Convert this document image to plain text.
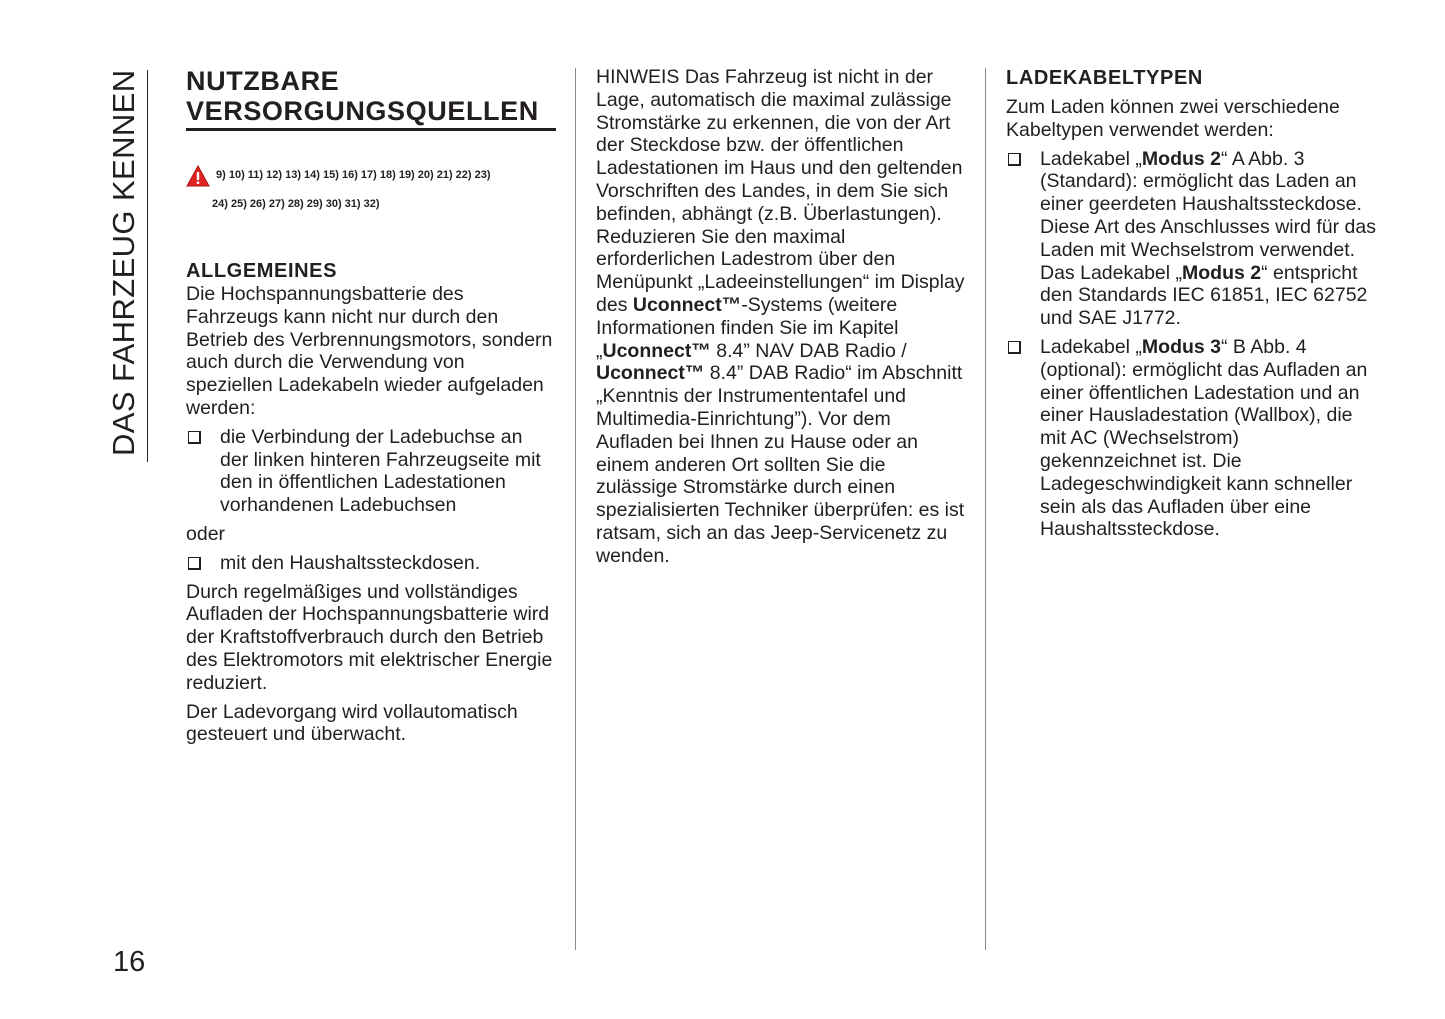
DAS FAHRZEUG KENNEN
16
NUTZBARE
VERSORGUNGSQUELLEN
9) 10) 11) 12) 13) 14) 15) 16) 17) 18) 19) 20) 21) 22) 23)
24) 25) 26) 27) 28) 29) 30) 31) 32)
ALLGEMEINES

Die Hochspannungsbatterie des Fahrzeugs kann nicht nur durch den Betrieb des Verbrennungsmotors, sondern auch durch die Verwendung von speziellen Ladekabeln wieder aufgeladen werden:

die Verbindung der Ladebuchse an der linken hinteren Fahrzeugseite mit den in öffentlichen Ladestationen vorhandenen Ladebuchsen

oder

mit den Haushaltssteckdosen.

Durch regelmäßiges und vollständiges Aufladen der Hochspannungsbatterie wird der Kraftstoffverbrauch durch den Betrieb des Elektromotors mit elektrischer Energie reduziert.

Der Ladevorgang wird vollautomatisch gesteuert und überwacht.

HINWEIS Das Fahrzeug ist nicht in der Lage, automatisch die maximal zulässige Stromstärke zu erkennen, die von der Art der Steckdose bzw. der öffentlichen Ladestationen im Haus und den geltenden Vorschriften des Landes, in dem Sie sich befinden, abhängt (z.B. Überlastungen). Reduzieren Sie den maximal erforderlichen Ladestrom über den Menüpunkt „Ladeeinstellungen“ im Display des Uconnect™-Systems (weitere Informationen finden Sie im Kapitel „Uconnect™ 8.4” NAV DAB Radio / Uconnect™ 8.4” DAB Radio“ im Abschnitt „Kenntnis der Instrumententafel und Multimedia-Einrichtung”). Vor dem Aufladen bei Ihnen zu Hause oder an einem anderen Ort sollten Sie die zulässige Stromstärke durch einen spezialisierten Techniker überprüfen: es ist ratsam, sich an das Jeep-Servicenetz zu wenden.

LADEKABELTYPEN

Zum Laden können zwei verschiedene Kabeltypen verwendet werden:

Ladekabel „Modus 2“ A Abb. 3 (Standard): ermöglicht das Laden an einer geerdeten Haushaltssteckdose. Diese Art des Anschlusses wird für das Laden mit Wechselstrom verwendet. Das Ladekabel „Modus 2“ entspricht den Standards IEC 61851, IEC 62752 und SAE J1772.
Ladekabel „Modus 3“ B Abb. 4 (optional): ermöglicht das Aufladen an einer öffentlichen Ladestation und an einer Hausladestation (Wallbox), die mit AC (Wechselstrom) gekennzeichnet ist. Die Ladegeschwindigkeit kann schneller sein als das Aufladen über eine Haushaltssteckdose.
